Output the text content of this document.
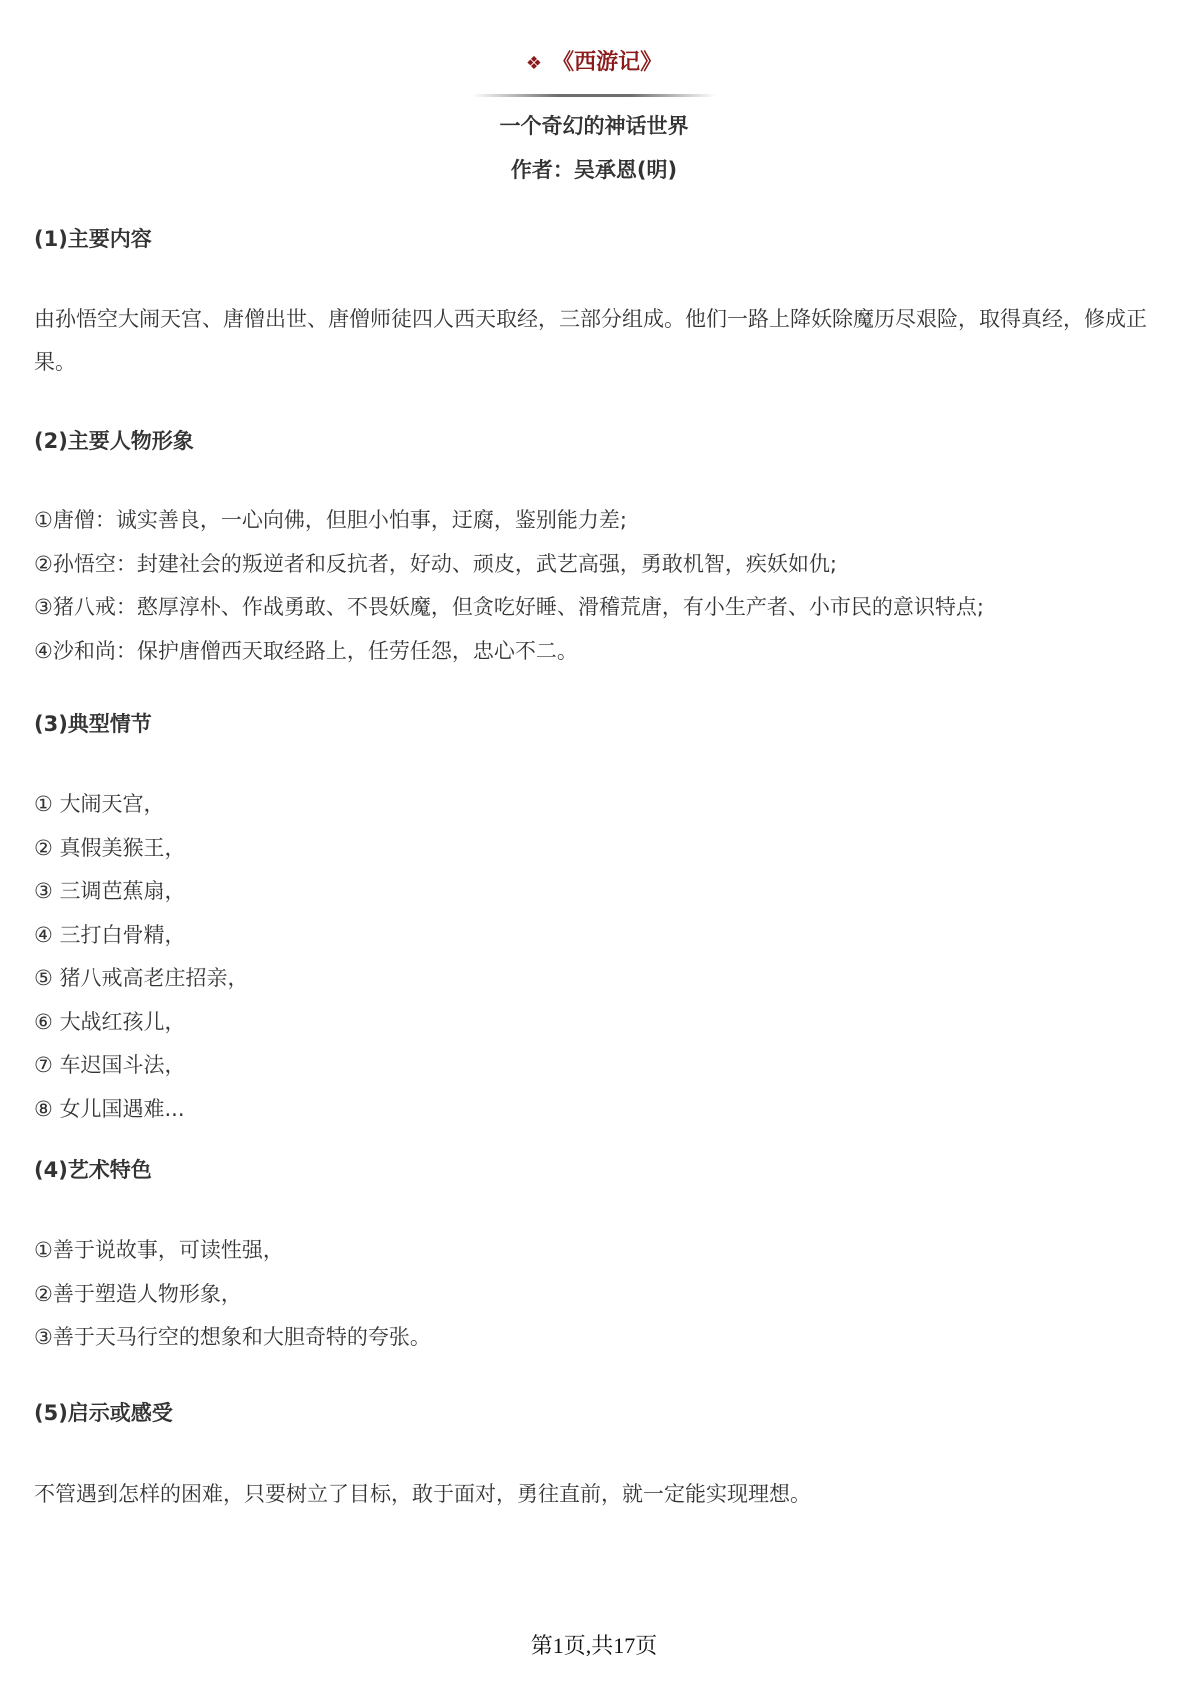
❖ 《西游记》
一个奇幻的神话世界
作者：吴承恩(明)
(1)主要内容

由孙悟空大闹天宫、唐僧出世、唐僧师徒四人西天取经，三部分组成。他们一路上降妖除魔历尽艰险，取得真经，修成正果。

(2)主要人物形象
①唐僧：诚实善良，一心向佛，但胆小怕事，迂腐，鉴别能力差;
②孙悟空：封建社会的叛逆者和反抗者，好动、顽皮，武艺高强，勇敢机智，疾妖如仇;
③猪八戒：憨厚淳朴、作战勇敢、不畏妖魔，但贪吃好睡、滑稽荒唐，有小生产者、小市民的意识特点;
④沙和尚：保护唐僧西天取经路上，任劳任怨，忠心不二。
(3)典型情节
① 大闹天宫，
② 真假美猴王，
③ 三调芭蕉扇，
④ 三打白骨精，
⑤ 猪八戒高老庄招亲，
⑥ 大战红孩儿，
⑦ 车迟国斗法，
⑧ 女儿国遇难...
(4)艺术特色
①善于说故事，可读性强，
②善于塑造人物形象，
③善于天马行空的想象和大胆奇特的夸张。
(5)启示或感受

不管遇到怎样的困难，只要树立了目标，敢于面对，勇往直前，就一定能实现理想。

第1页,共17页
